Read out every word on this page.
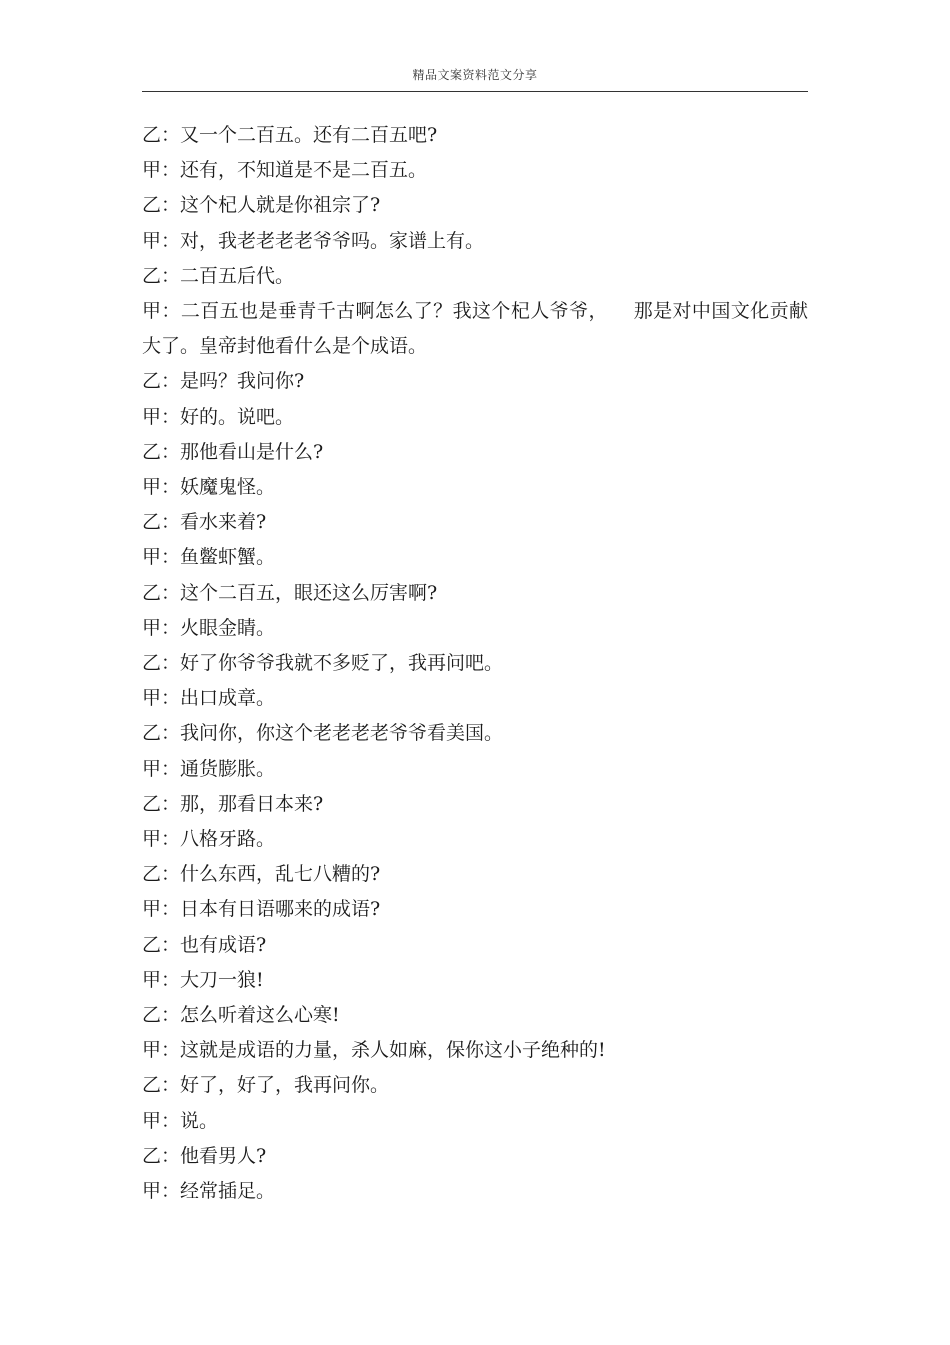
精品文案资料范文分享
乙：又一个二百五。还有二百五吧?
甲：还有，不知道是不是二百五。
乙：这个杞人就是你祖宗了?
甲：对，我老老老老爷爷吗。家谱上有。
乙：二百五后代。
甲：二百五也是垂青千古啊怎么了？我这个杞人爷爷，    那是对中国文化贡献大了。皇帝封他看什么是个成语。
乙：是吗？我问你?
甲：好的。说吧。
乙：那他看山是什么?
甲：妖魔鬼怪。
乙：看水来着?
甲：鱼鳖虾蟹。
乙：这个二百五，眼还这么厉害啊?
甲：火眼金睛。
乙：好了你爷爷我就不多贬了，我再问吧。
甲：出口成章。
乙：我问你，你这个老老老老爷爷看美国。
甲：通货膨胀。
乙：那，那看日本来?
甲：八格牙路。
乙：什么东西，乱七八糟的?
甲：日本有日语哪来的成语?
乙：也有成语?
甲：大刀一狼!
乙：怎么听着这么心寒!
甲：这就是成语的力量，杀人如麻，保你这小子绝种的!
乙：好了，好了，我再问你。
甲：说。
乙：他看男人?
甲：经常插足。
